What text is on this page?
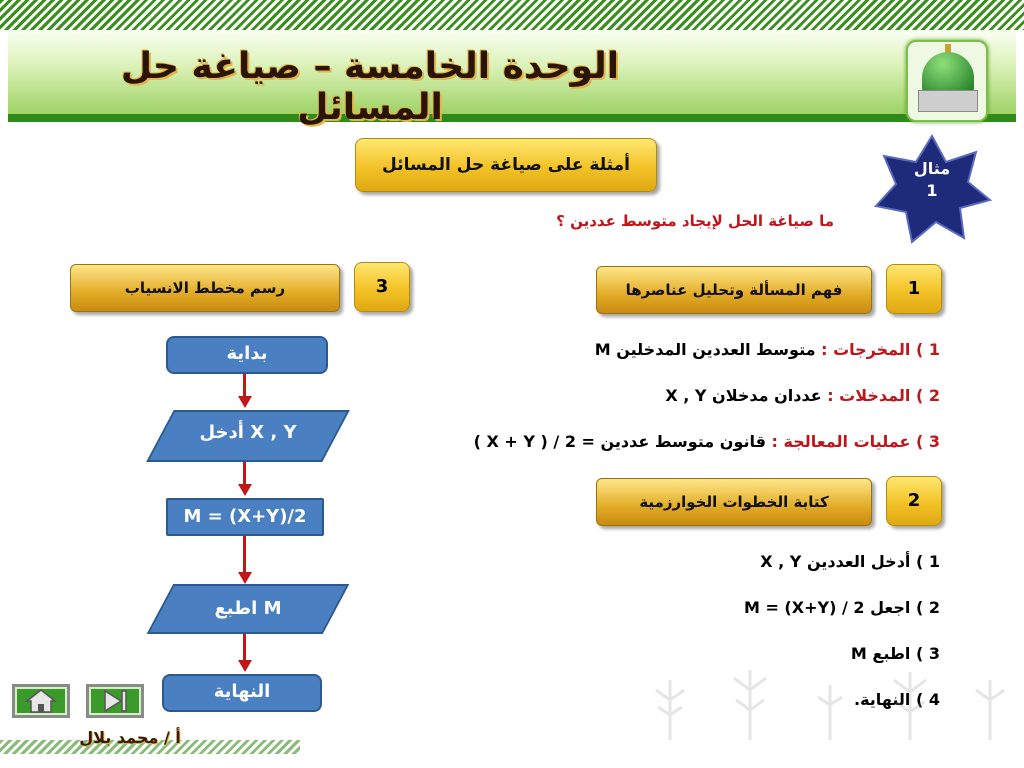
الوحدة الخامسة – صياغة حل المسائل
مثال
1
أمثلة على صياغة حل المسائل
ما صياغة الحل لإيجاد متوسط عددين ؟
فهم المسألة وتحليل عناصرها	1
1 ) المخرجات : متوسط العددين المدخلين M
2 ) المدخلات : عددان مدخلان X , Y
3 ) عمليات المعالجة : قانون متوسط عددين = 2 / ( X + Y )
كتابة الخطوات الخوارزمية	2
1 ) أدخل العددين X , Y
2 ) اجعل M = (X+Y) / 2
3 ) اطبع M
4 ) النهاية.
رسم مخطط الانسياب	3
بداية
أدخل X , Y
M = (X+Y)/2
اطبع M
النهاية
أ / محمد بلال
